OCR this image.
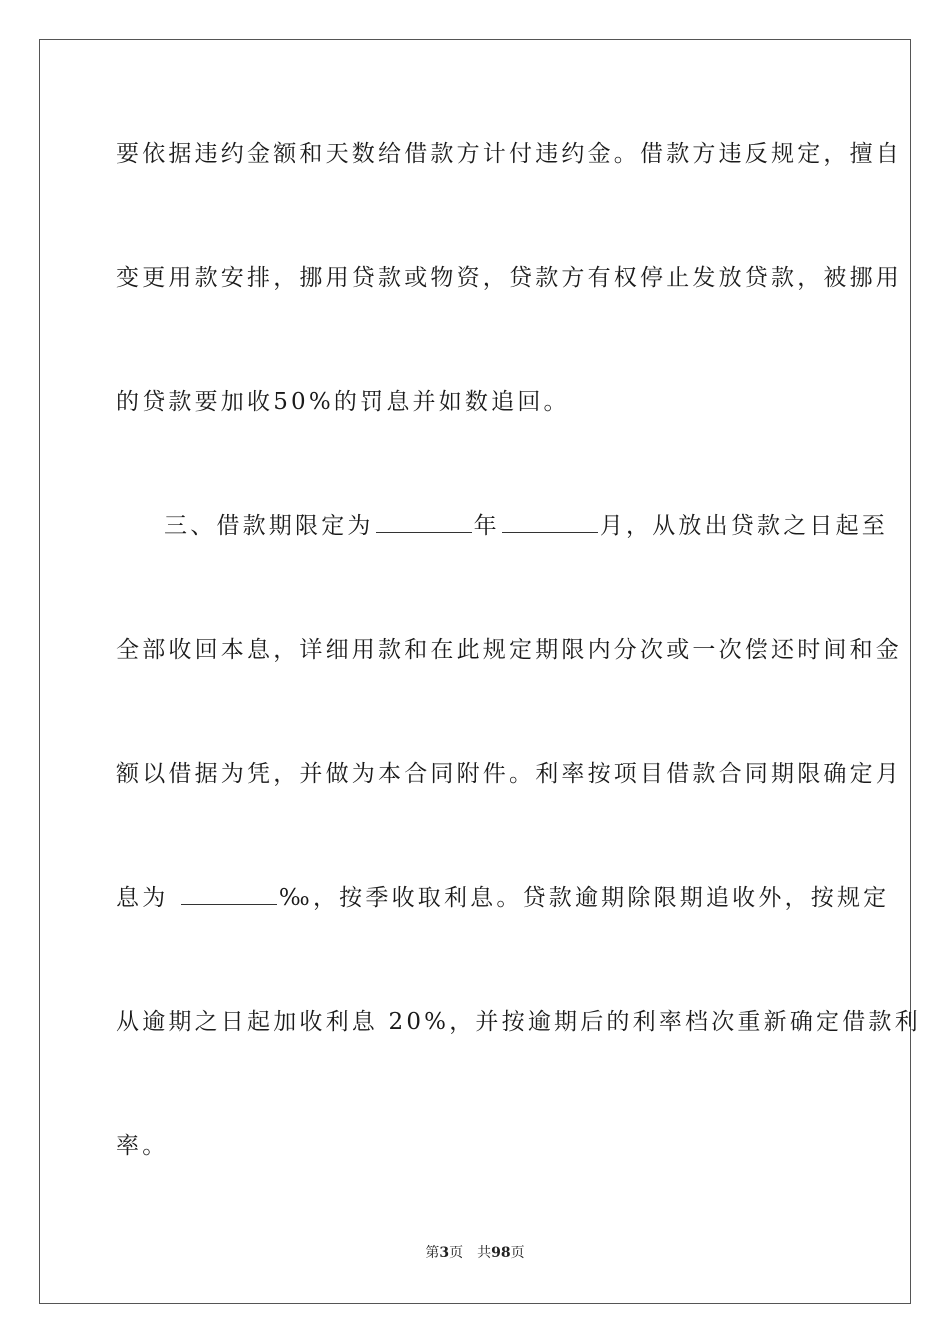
要依据违约金额和天数给借款方计付违约金。借款方违反规定，擅自
变更用款安排，挪用贷款或物资，贷款方有权停止发放贷款，被挪用
的贷款要加收50%的罚息并如数追回。
三、借款期限定为	年	月，从放出贷款之日起至
全部收回本息，详细用款和在此规定期限内分次或一次偿还时间和金
额以借据为凭，并做为本合同附件。利率按项目借款合同期限确定月
息为	‰，按季收取利息。贷款逾期除限期追收外，按规定
从逾期之日起加收利息 20%，并按逾期后的利率档次重新确定借款利
率。
第3页 共98页
